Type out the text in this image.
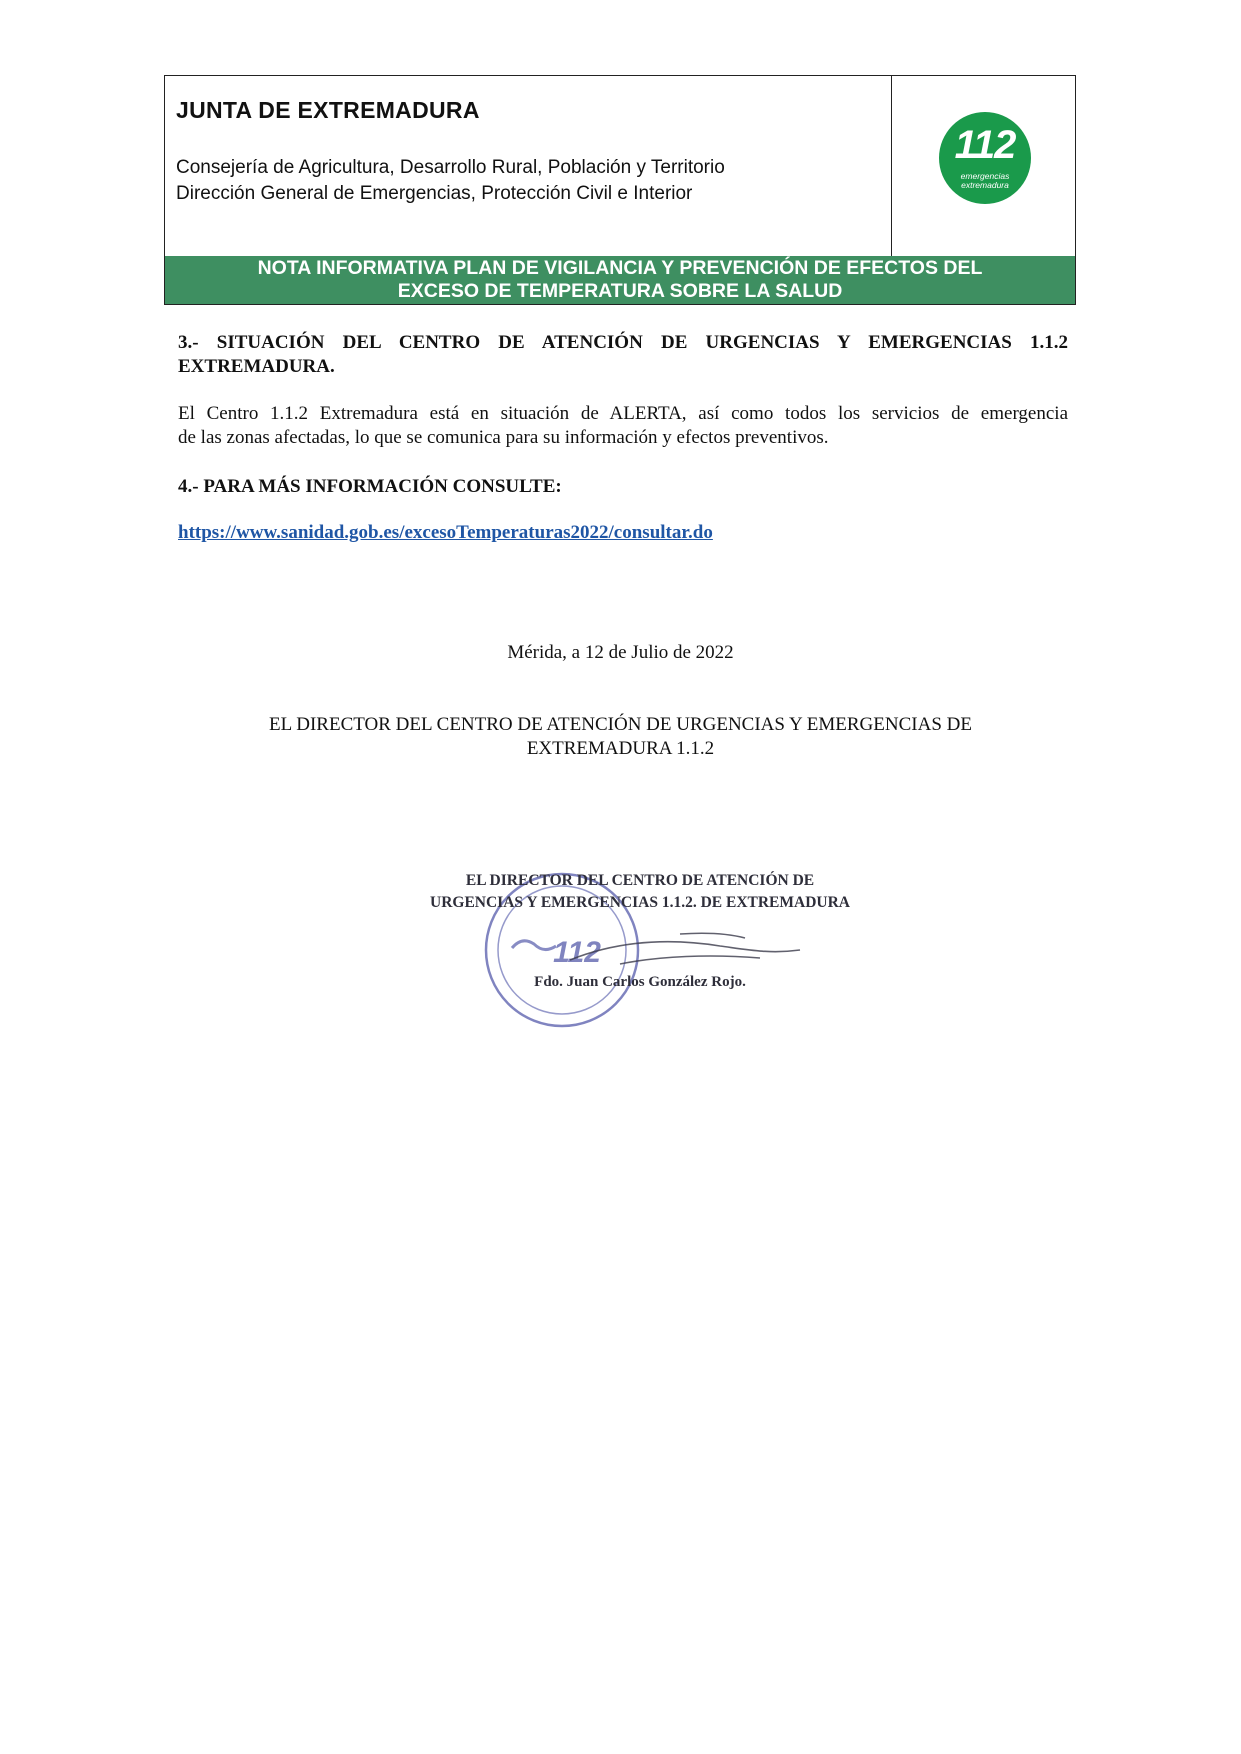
JUNTA DE EXTREMADURA
Consejería de Agricultura, Desarrollo Rural, Población y Territorio
Dirección General de Emergencias, Protección Civil e Interior
112
emergencias
extremadura
NOTA INFORMATIVA PLAN DE VIGILANCIA Y PREVENCIÓN DE EFECTOS DEL
EXCESO DE TEMPERATURA SOBRE LA SALUD
3.- SITUACIÓN DEL CENTRO DE ATENCIÓN DE URGENCIAS Y EMERGENCIAS 1.1.2
EXTREMADURA.
El Centro 1.1.2 Extremadura está en situación de ALERTA, así como todos los servicios de emergencia
de las zonas afectadas, lo que se comunica para su información y efectos preventivos.
4.- PARA MÁS INFORMACIÓN CONSULTE:
https://www.sanidad.gob.es/excesoTemperaturas2022/consultar.do
Mérida, a 12 de Julio de 2022
EL DIRECTOR DEL CENTRO DE ATENCIÓN DE URGENCIAS Y EMERGENCIAS DE
EXTREMADURA 1.1.2
112
EL DIRECTOR DEL CENTRO DE ATENCIÓN DE
URGENCIAS Y EMERGENCIAS 1.1.2. DE EXTREMADURA
Fdo. Juan Carlos González Rojo.
